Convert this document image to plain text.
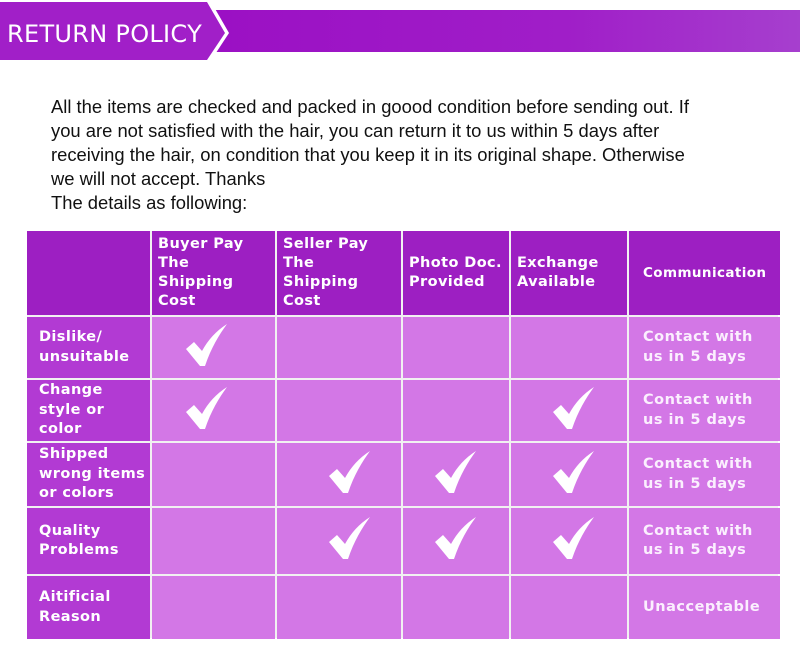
RETURN POLICY

All the items are checked and packed in goood condition before sending out. If

you are not satisfied with the hair, you can return it to us within 5 days after

receiving the hair, on condition that you keep it in its original shape. Otherwise

we will not accept. Thanks

The details as following:

Buyer Pay The
Shipping Cost
Seller Pay The
Shipping Cost
Photo Doc.
Provided
Exchange
Available
Communication
Dislike/
unsuitable
Contact with
us in 5 days
Change
style or color
Contact with
us in 5 days
Shipped
wrong items
or colors
Contact with
us in 5 days
Quality
Problems
Contact with
us in 5 days
Aitificial
Reason
Unacceptable
